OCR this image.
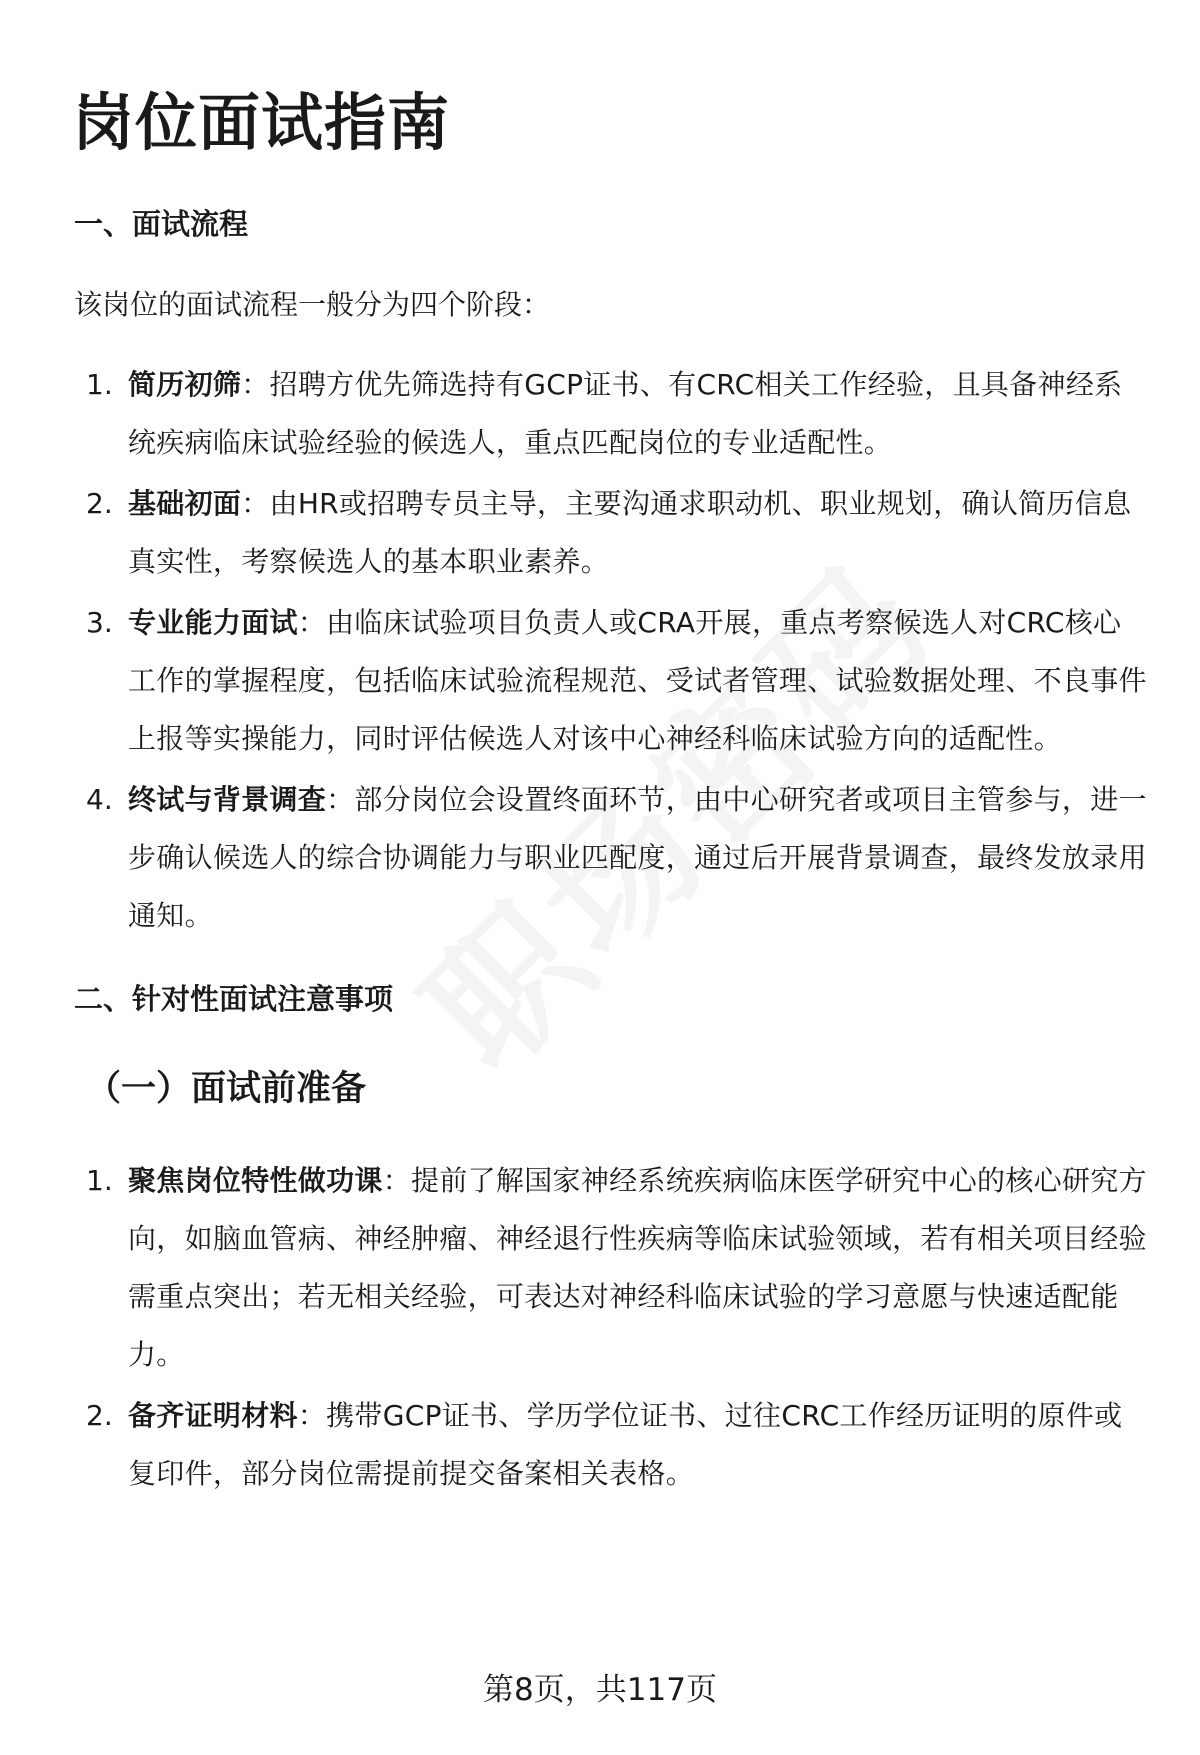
岗位面试指南
一、面试流程

该岗位的面试流程一般分为四个阶段：

1. 简历初筛：招聘方优先筛选持有GCP证书、有CRC相关工作经验，且具备神经系统疾病临床试验经验的候选人，重点匹配岗位的专业适配性。
2. 基础初面：由HR或招聘专员主导，主要沟通求职动机、职业规划，确认简历信息真实性，考察候选人的基本职业素养。
3. 专业能力面试：由临床试验项目负责人或CRA开展，重点考察候选人对CRC核心工作的掌握程度，包括临床试验流程规范、受试者管理、试验数据处理、不良事件上报等实操能力，同时评估候选人对该中心神经科临床试验方向的适配性。
4. 终试与背景调查：部分岗位会设置终面环节，由中心研究者或项目主管参与，进一步确认候选人的综合协调能力与职业匹配度，通过后开展背景调查，最终发放录用通知。
二、针对性面试注意事项
（一）面试前准备
1. 聚焦岗位特性做功课：提前了解国家神经系统疾病临床医学研究中心的核心研究方向，如脑血管病、神经肿瘤、神经退行性疾病等临床试验领域，若有相关项目经验需重点突出；若无相关经验，可表达对神经科临床试验的学习意愿与快速适配能力。
2. 备齐证明材料：携带GCP证书、学历学位证书、过往CRC工作经历证明的原件或复印件，部分岗位需提前提交备案相关表格。

第8页，共117页
